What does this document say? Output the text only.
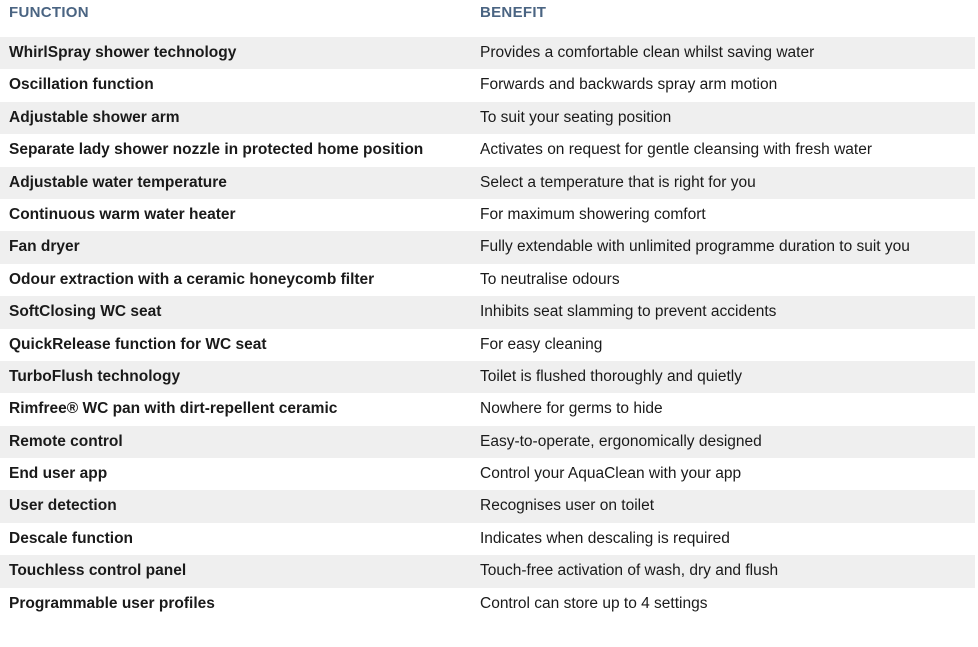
FUNCTION	BENEFIT
WhirlSpray shower technology	Provides a comfortable clean whilst saving water
Oscillation function	Forwards and backwards spray arm motion
Adjustable shower arm	To suit your seating position
Separate lady shower nozzle in protected home position	Activates on request for gentle cleansing with fresh water
Adjustable water temperature	Select a temperature that is right for you
Continuous warm water heater	For maximum showering comfort
Fan dryer	Fully extendable with unlimited programme duration to suit you
Odour extraction with a ceramic honeycomb filter	To neutralise odours
SoftClosing WC seat	Inhibits seat slamming to prevent accidents
QuickRelease function for WC seat	For easy cleaning
TurboFlush technology	Toilet is flushed thoroughly and quietly
Rimfree® WC pan with dirt-repellent ceramic	Nowhere for germs to hide
Remote control	Easy-to-operate, ergonomically designed
End user app	Control your AquaClean with your app
User detection	Recognises user on toilet
Descale function	Indicates when descaling is required
Touchless control panel	Touch-free activation of wash, dry and flush
Programmable user profiles	Control can store up to 4 settings
